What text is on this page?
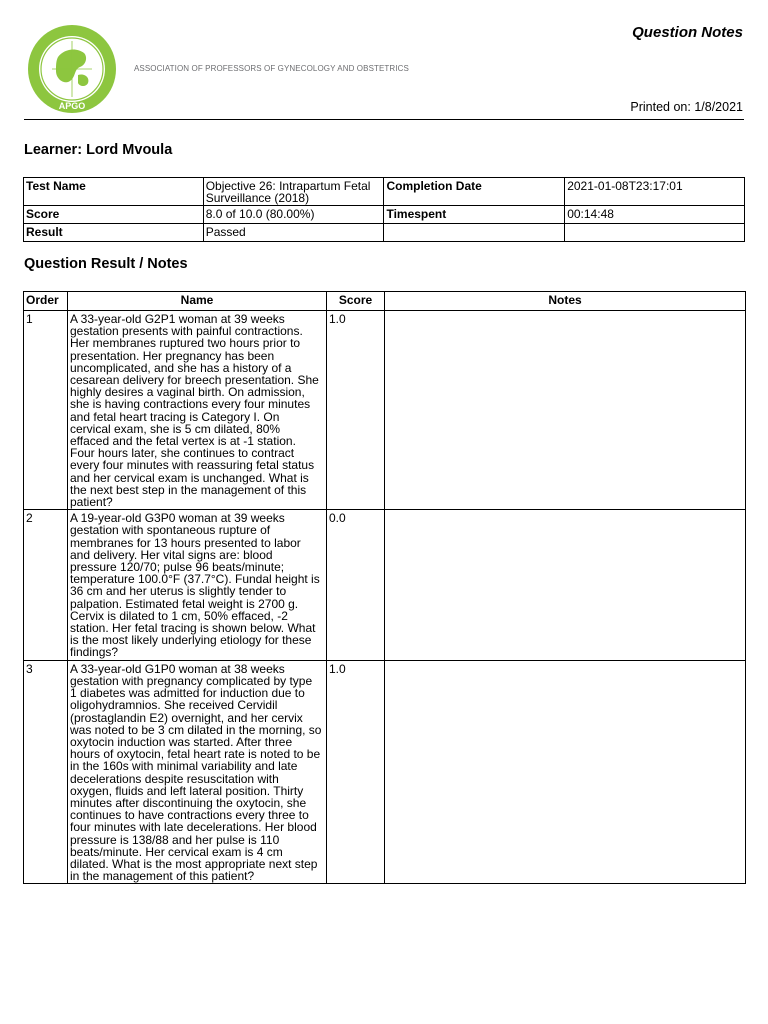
APGO
ASSOCIATION OF PROFESSORS OF GYNECOLOGY AND OBSTETRICS
Question Notes
Printed on: 1/8/2021
Learner: Lord Mvoula
Test Name	Objective 26: Intrapartum Fetal Surveillance (2018)	Completion Date	2021-01-08T23:17:01
Score	8.0 of 10.0 (80.00%)	Timespent	00:14:48
Result	Passed		
Question Result / Notes
Order	Name	Score	Notes
1	A 33-year-old G2P1 woman at 39 weeks gestation presents with painful contractions. Her membranes ruptured two hours prior to presentation. Her pregnancy has been uncomplicated, and she has a history of a cesarean delivery for breech presentation. She highly desires a vaginal birth. On admission, she is having contractions every four minutes and fetal heart tracing is Category I. On cervical exam, she is 5 cm dilated, 80% effaced and the fetal vertex is at -1 station. Four hours later, she continues to contract every four minutes with reassuring fetal status and her cervical exam is unchanged. What is the next best step in the management of this patient?	1.0	
2	A 19-year-old G3P0 woman at 39 weeks gestation with spontaneous rupture of membranes for 13 hours presented to labor and delivery. Her vital signs are: blood pressure 120/70; pulse 96 beats/minute; temperature 100.0°F (37.7°C). Fundal height is 36 cm and her uterus is slightly tender to palpation. Estimated fetal weight is 2700 g. Cervix is dilated to 1 cm, 50% effaced, -2 station. Her fetal tracing is shown below. What is the most likely underlying etiology for these findings?	0.0	
3	A 33-year-old G1P0 woman at 38 weeks gestation with pregnancy complicated by type 1 diabetes was admitted for induction due to oligohydramnios. She received Cervidil (prostaglandin E2) overnight, and her cervix was noted to be 3 cm dilated in the morning, so oxytocin induction was started. After three hours of oxytocin, fetal heart rate is noted to be in the 160s with minimal variability and late decelerations despite resuscitation with oxygen, fluids and left lateral position. Thirty minutes after discontinuing the oxytocin, she continues to have contractions every three to four minutes with late decelerations. Her blood pressure is 138/88 and her pulse is 110 beats/minute. Her cervical exam is 4 cm dilated. What is the most appropriate next step in the management of this patient?	1.0	
